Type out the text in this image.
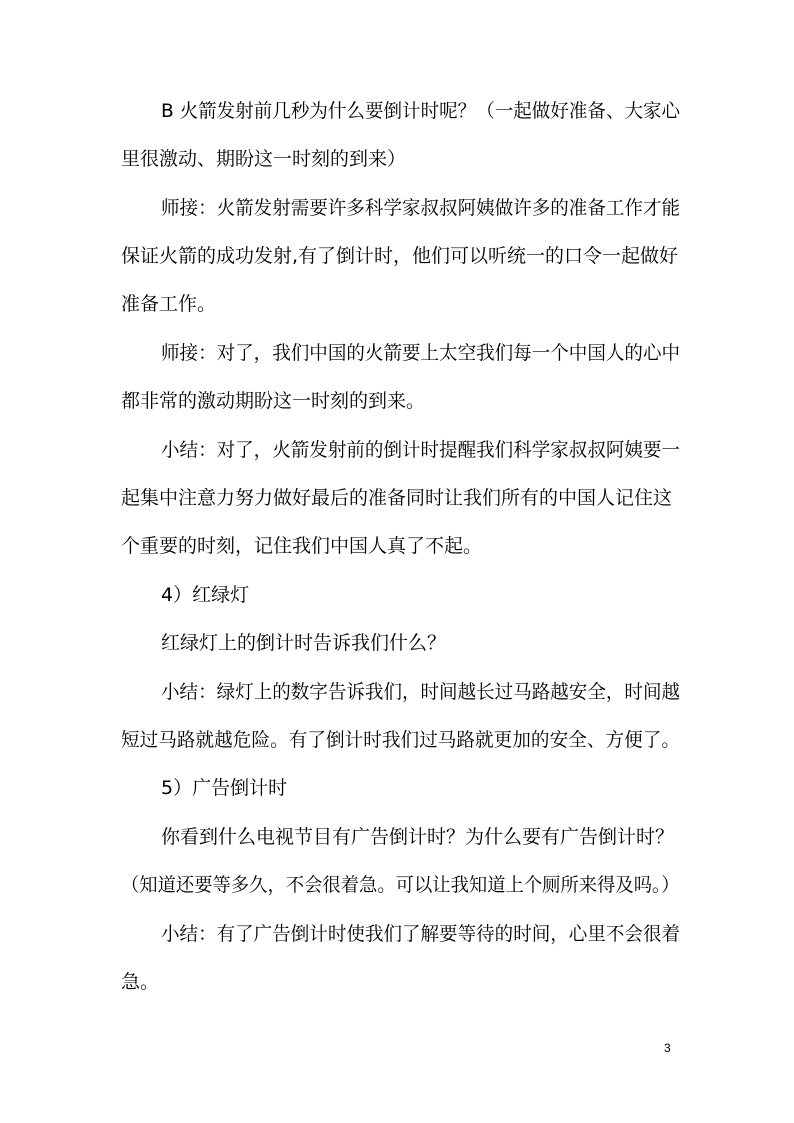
B 火箭发射前几秒为什么要倒计时呢？（一起做好准备、大家心
里很激动、期盼这一时刻的到来）
师接：火箭发射需要许多科学家叔叔阿姨做许多的准备工作才能
保证火箭的成功发射,有了倒计时，他们可以听统一的口令一起做好
准备工作。
师接：对了，我们中国的火箭要上太空我们每一个中国人的心中
都非常的激动期盼这一时刻的到来。
小结：对了，火箭发射前的倒计时提醒我们科学家叔叔阿姨要一
起集中注意力努力做好最后的准备同时让我们所有的中国人记住这
个重要的时刻，记住我们中国人真了不起。
4）红绿灯
红绿灯上的倒计时告诉我们什么？
小结：绿灯上的数字告诉我们，时间越长过马路越安全，时间越
短过马路就越危险。有了倒计时我们过马路就更加的安全、方便了。
5）广告倒计时
你看到什么电视节目有广告倒计时？为什么要有广告倒计时？
（知道还要等多久，不会很着急。可以让我知道上个厕所来得及吗。）
小结：有了广告倒计时使我们了解要等待的时间，心里不会很着
急。
3
